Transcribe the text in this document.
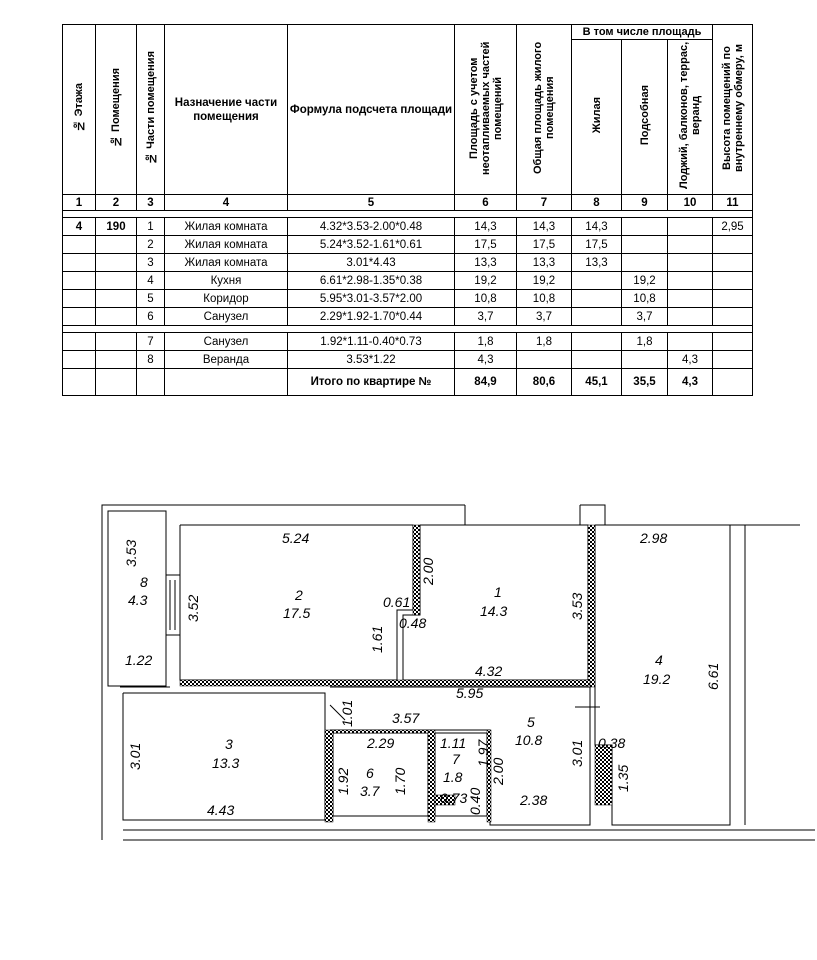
№ Этажа	№ Помещения	№ Части помещения	Назначение части помещения	Формула подсчета площади	Площадь с учетом неотапливаемых частей помещений	Общая площадь жилого помещения	В том числе площадь			Высота помещений по внутреннему обмеру, м
							Жилая	Подсобная	Лоджий, балконов, террас, веранд	
1	2	3	4	5	6	7	8	9	10	11

4	190	1	Жилая комната	4.32*3.53-2.00*0.48	14,3	14,3	14,3			2,95
		2	Жилая комната	5.24*3.52-1.61*0.61	17,5	17,5	17,5			
		3	Жилая комната	3.01*4.43	13,3	13,3	13,3			
		4	Кухня	6.61*2.98-1.35*0.38	19,2	19,2		19,2		
		5	Коридор	5.95*3.01-3.57*2.00	10,8	10,8		10,8		
		6	Санузел	2.29*1.92-1.70*0.44	3,7	3,7		3,7		

		7	Санузел	1.92*1.11-0.40*0.73	1,8	1,8		1,8		
		8	Веранда	3.53*1.22	4,3				4,3	
				Итого по квартире №	84,9	80,6	45,1	35,5	4,3	
8
4.3	2
17.5
1
14.3
4
19.2
3
13.3
5
10.8
6
3.7
7
1.8
5.24	2.98
1.22
0.61
0.48
4.32
5.95
3.57
2.29	1.11	0.38
0.73	2.38
4.43
3.53
3.52
2.00
1.61
3.53
6.61
1.01
3.01	1.97	3.01
1.92	1.70	2.00	1.35
0.40
